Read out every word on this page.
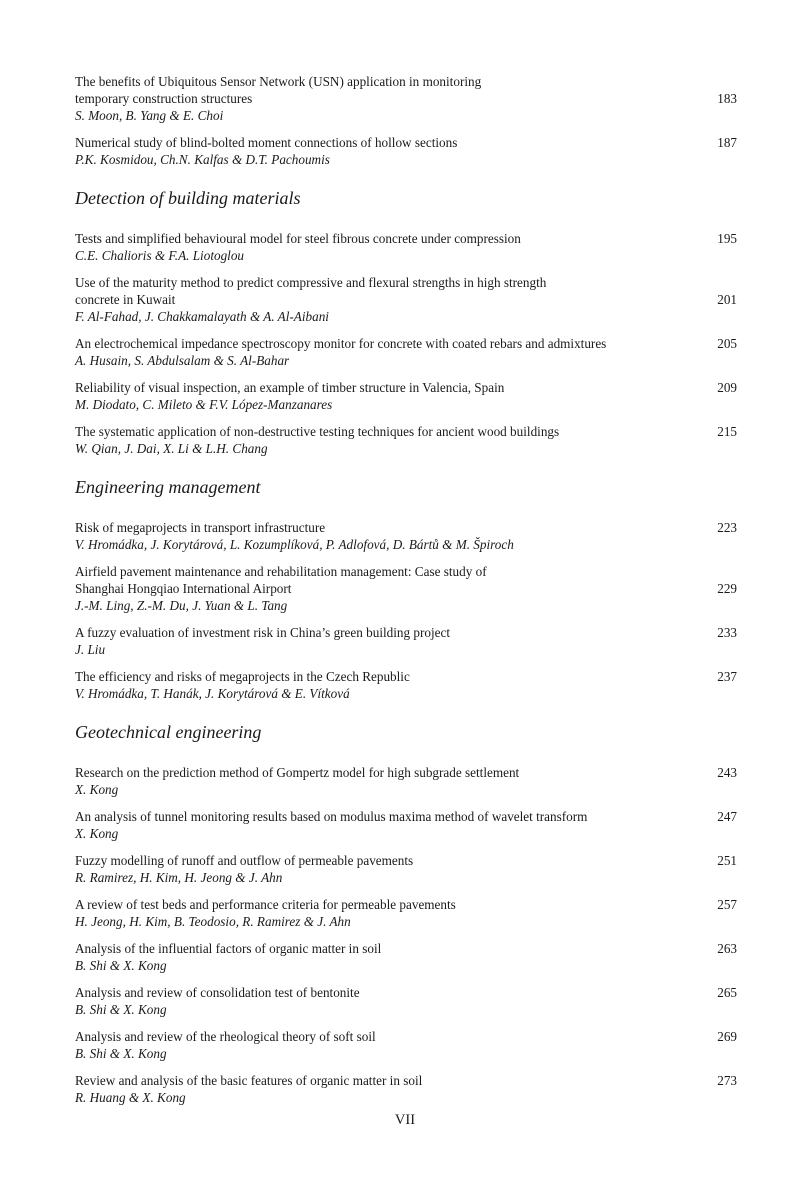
The benefits of Ubiquitous Sensor Network (USN) application in monitoring
temporary construction structures	183
S. Moon, B. Yang & E. Choi
Numerical study of blind-bolted moment connections of hollow sections	187
P.K. Kosmidou, Ch.N. Kalfas & D.T. Pachoumis
Detection of building materials
Tests and simplified behavioural model for steel fibrous concrete under compression	195
C.E. Chalioris & F.A. Liotoglou
Use of the maturity method to predict compressive and flexural strengths in high strength
concrete in Kuwait	201
F. Al-Fahad, J. Chakkamalayath & A. Al-Aibani
An electrochemical impedance spectroscopy monitor for concrete with coated rebars and admixtures	205
A. Husain, S. Abdulsalam & S. Al-Bahar
Reliability of visual inspection, an example of timber structure in Valencia, Spain	209
M. Diodato, C. Mileto & F.V. López-Manzanares
The systematic application of non-destructive testing techniques for ancient wood buildings	215
W. Qian, J. Dai, X. Li & L.H. Chang
Engineering management
Risk of megaprojects in transport infrastructure	223
V. Hromádka, J. Korytárová, L. Kozumplíková, P. Adlofová, D. Bártů & M. Špiroch
Airfield pavement maintenance and rehabilitation management: Case study of
Shanghai Hongqiao International Airport	229
J.-M. Ling, Z.-M. Du, J. Yuan & L. Tang
A fuzzy evaluation of investment risk in China’s green building project	233
J. Liu
The efficiency and risks of megaprojects in the Czech Republic	237
V. Hromádka, T. Hanák, J. Korytárová & E. Vítková
Geotechnical engineering
Research on the prediction method of Gompertz model for high subgrade settlement	243
X. Kong
An analysis of tunnel monitoring results based on modulus maxima method of wavelet transform	247
X. Kong
Fuzzy modelling of runoff and outflow of permeable pavements	251
R. Ramirez, H. Kim, H. Jeong & J. Ahn
A review of test beds and performance criteria for permeable pavements	257
H. Jeong, H. Kim, B. Teodosio, R. Ramirez & J. Ahn
Analysis of the influential factors of organic matter in soil	263
B. Shi & X. Kong
Analysis and review of consolidation test of bentonite	265
B. Shi & X. Kong
Analysis and review of the rheological theory of soft soil	269
B. Shi & X. Kong
Review and analysis of the basic features of organic matter in soil	273
R. Huang & X. Kong
VII
